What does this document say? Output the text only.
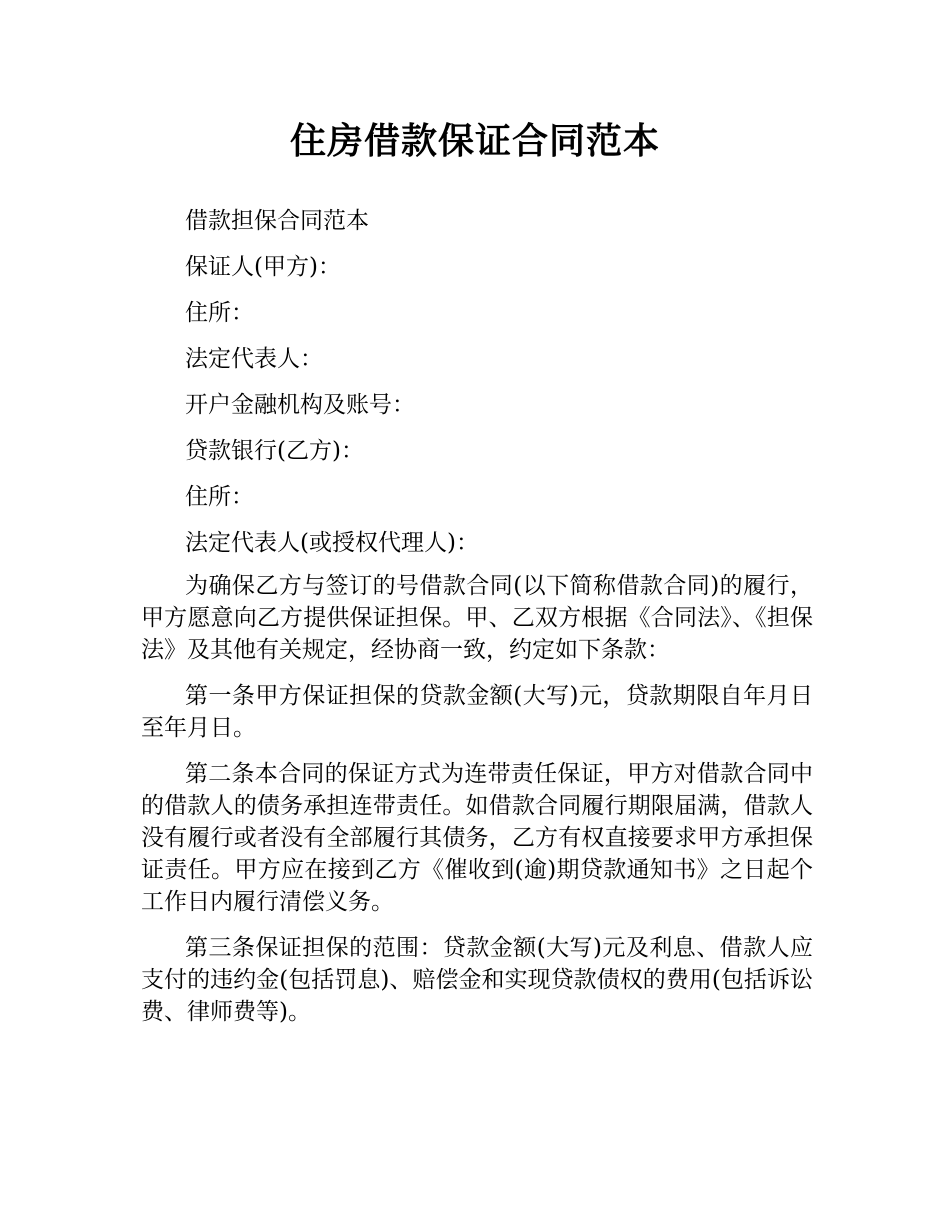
住房借款保证合同范本

借款担保合同范本

保证人(甲方)：

住所：

法定代表人：

开户金融机构及账号：

贷款银行(乙方)：

住所：

法定代表人(或授权代理人)：

为确保乙方与签订的号借款合同(以下简称借款合同)的履行，甲方愿意向乙方提供保证担保。甲、乙双方根据《合同法》、《担保法》及其他有关规定，经协商一致，约定如下条款：

第一条甲方保证担保的贷款金额(大写)元，贷款期限自年月日至年月日。

第二条本合同的保证方式为连带责任保证，甲方对借款合同中的借款人的债务承担连带责任。如借款合同履行期限届满，借款人没有履行或者没有全部履行其债务，乙方有权直接要求甲方承担保证责任。甲方应在接到乙方《催收到(逾)期贷款通知书》之日起个工作日内履行清偿义务。

第三条保证担保的范围：贷款金额(大写)元及利息、借款人应支付的违约金(包括罚息)、赔偿金和实现贷款债权的费用(包括诉讼费、律师费等)。
